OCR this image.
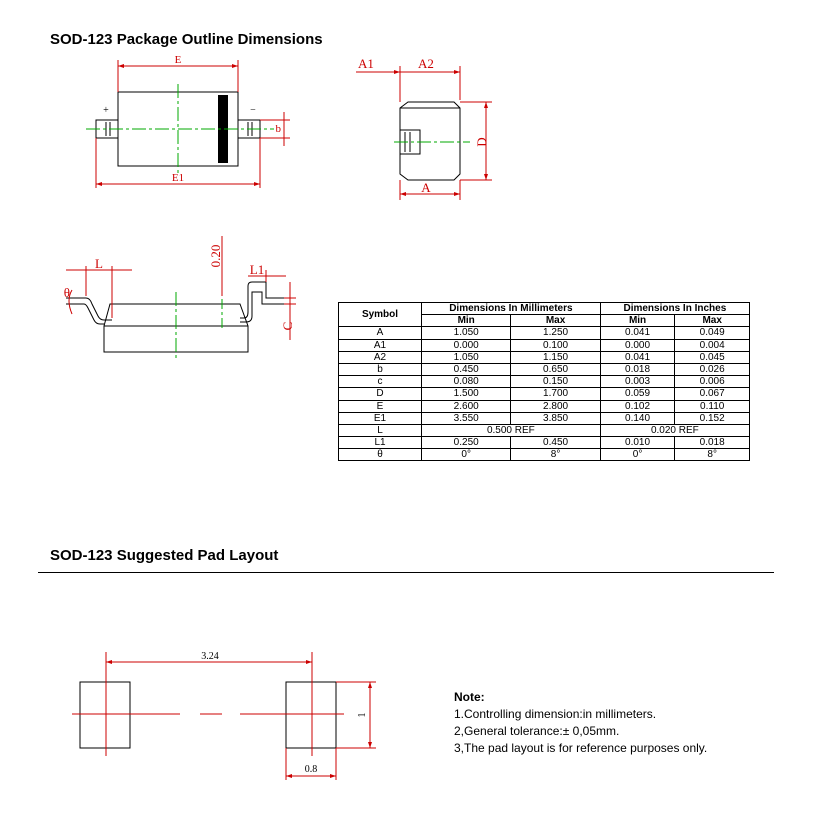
SOD-123 Package Outline Dimensions
SOD-123 Suggested Pad Layout
E
E1
+	−
b
A1	A2
D
A
L
θ
0.20
L1
C
3.24
0.8
1
Symbol	Dimensions In Millimeters		Dimensions In Inches	
	Min	Max	Min	Max
A	1.050	1.250	0.041	0.049
A1	0.000	0.100	0.000	0.004
A2	1.050	1.150	0.041	0.045
b	0.450	0.650	0.018	0.026
c	0.080	0.150	0.003	0.006
D	1.500	1.700	0.059	0.067
E	2.600	2.800	0.102	0.110
E1	3.550	3.850	0.140	0.152
L	0.500 REF		0.020 REF	
L1	0.250	0.450	0.010	0.018
θ	0°	8°	0°	8°
Note:
1.Controlling dimension:in millimeters.
2,General tolerance:± 0,05mm.
3,The pad layout is for reference purposes only.
